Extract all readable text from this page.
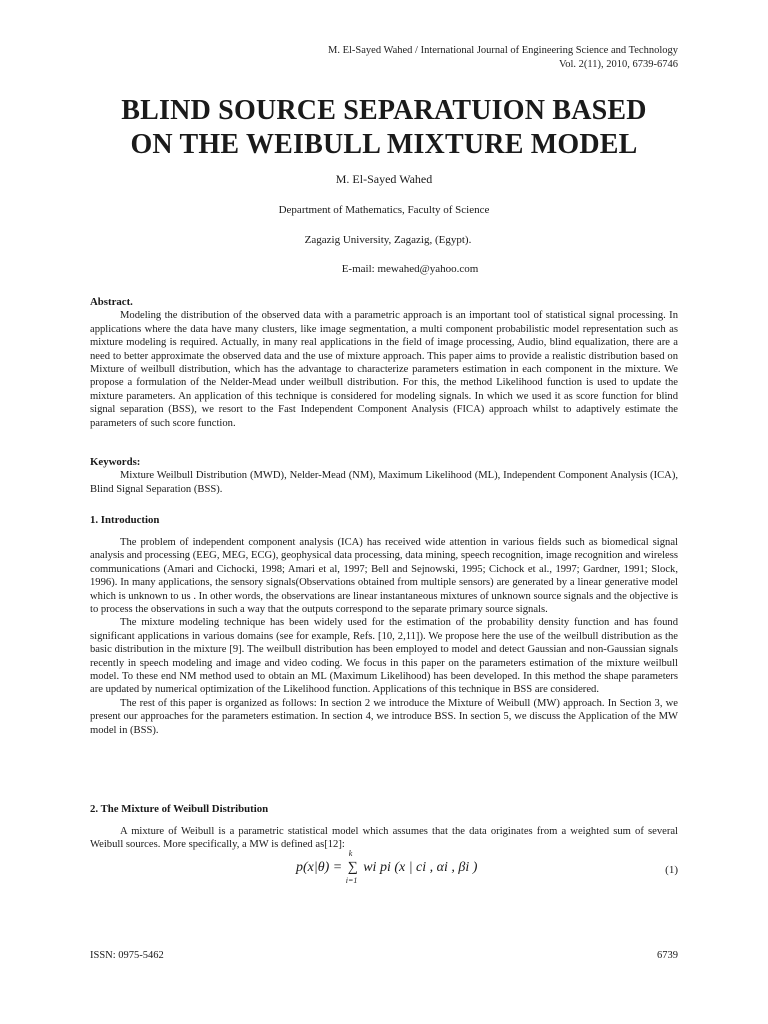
M. El-Sayed Wahed / International Journal of Engineering Science and Technology
Vol. 2(11), 2010, 6739-6746
BLIND SOURCE SEPARATUION BASED
ON THE WEIBULL MIXTURE MODEL
M. El-Sayed Wahed
Department of Mathematics, Faculty of Science
Zagazig University, Zagazig, (Egypt).
E-mail: mewahed@yahoo.com
Abstract.

Modeling the distribution of the observed data with a parametric approach is an important tool of statistical signal processing. In applications where the data have many clusters, like image segmentation, a multi component probabilistic model representation such as mixture modeling is required. Actually, in many real applications in the field of image processing, Audio, blind equalization, there are a need to better approximate the observed data and the use of mixture approach. This paper aims to provide a realistic distribution based on Mixture of weilbull distribution, which has the advantage to characterize parameters estimation in each component in the mixture. We propose a formulation of the Nelder-Mead under weilbull distribution. For this, the method Likelihood function is used to update the mixture parameters. An application of this technique is considered for modeling signals. In which we used it as score function for blind signal separation (BSS), we resort to the Fast Independent Component Analysis (FICA) approach whilst to adaptively estimate the parameters of such score function.

Keywords:

Mixture Weilbull Distribution (MWD), Nelder-Mead (NM), Maximum Likelihood (ML), Independent Component Analysis (ICA), Blind Signal Separation (BSS).

1. Introduction

The problem of independent component analysis (ICA) has received wide attention in various fields such as biomedical signal analysis and processing (EEG, MEG, ECG), geophysical data processing, data mining, speech recognition, image recognition and wireless communications (Amari and Cichocki, 1998; Amari et al, 1997; Bell and Sejnowski, 1995; Cichock et al., 1997; Gardner, 1991; Slock, 1996). In many applications, the sensory signals(Observations obtained from multiple sensors) are generated by a linear generative model which is unknown to us . In other words, the observations are linear instantaneous mixtures of unknown source signals and the objective is to process the observations in such a way that the outputs correspond to the separate primary source signals.

The mixture modeling technique has been widely used for the estimation of the probability density function and has found significant applications in various domains (see for example, Refs. [10, 2,11]). We propose here the use of the weilbull distribution as the basic distribution in the mixture [9]. The weilbull distribution has been employed to model and detect Gaussian and non-Gaussian signals recently in speech modeling and image and video coding. We focus in this paper on the parameters estimation of the mixture weilbull model. To these end NM method used to obtain an ML (Maximum Likelihood) has been developed. In this method the shape parameters are updated by numerical optimization of the Likelihood function. Applications of this technique in BSS are considered.

The rest of this paper is organized as follows: In section 2 we introduce the Mixture of Weibull (MW) approach. In Section 3, we present our approaches for the parameters estimation. In section 4, we introduce BSS. In section 5, we discuss the Application of the MW model in (BSS).

2. The Mixture of Weibull Distribution

A mixture of Weibull is a parametric statistical model which assumes that the data originates from a weighted sum of several Weibull sources. More specifically, a MW is defined as[12]:

p(x|θ) = ∑
k
i=1
wi pi (x | ci , αi , βi )	(1)
ISSN: 0975-5462	6739
